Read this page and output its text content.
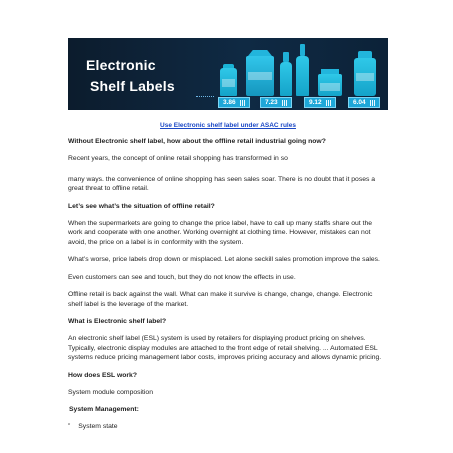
Electronic

Shelf Labels

3.86	7.23	9.12	6.04
Use Electronic shelf label under ASAC rules

Without Electronic shelf label, how about the offline retail industrial going now?

Recent years, the concept of online retail shopping has transformed in so

many ways. the convenience of online shopping has seen sales soar. There is no doubt that it poses a great threat to offline retail.

Let’s see what’s the situation of offline retail?

When the supermarkets are going to change the price label, have to call up many staffs share out the work and cooperate with one another. Working overnight at clothing time. However, mistakes can not avoid, the price on a label is in conformity with the system.

What’s worse, price labels drop down or misplaced. Let alone seckill sales promotion improve the sales.

Even customers can see and touch, but they do not know the effects in use.

Offline retail is back against the wall. What can make it survive is change, change, change. Electronic shelf label is the leverage of the market.

What is Electronic shelf label?

An electronic shelf label (ESL) system is used by retailers for displaying product pricing on shelves. Typically, electronic display modules are attached to the front edge of retail shelving. ... Automated ESL systems reduce pricing management labor costs, improves pricing accuracy and allows dynamic pricing.

How does ESL work?

System module composition

System Management:

” System state
